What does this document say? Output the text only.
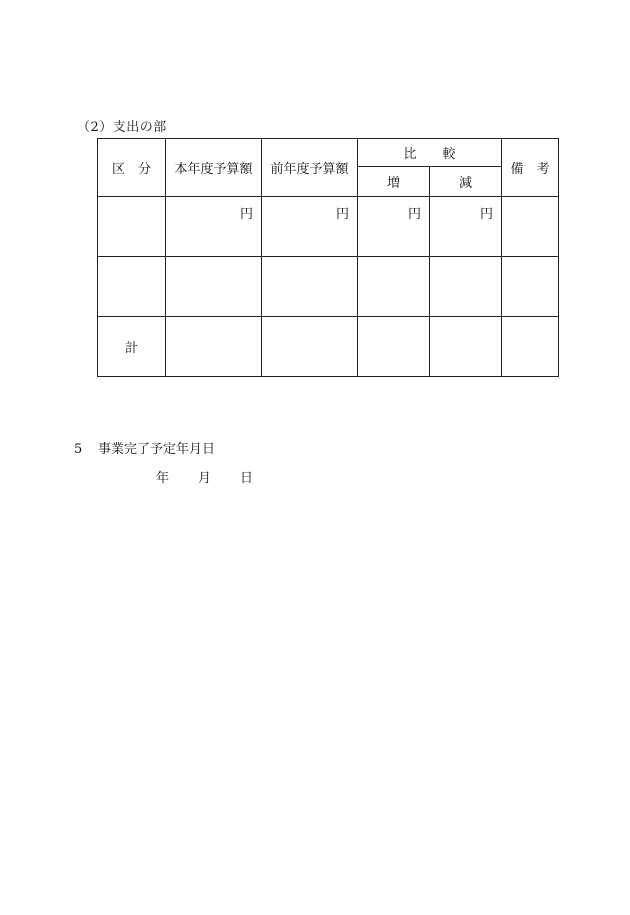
（2）支出の部
区　分	本年度予算額	前年度予算額	比　　較		備　考
			増	減	
	円	円	円	円	

計					
5 事業完了予定年月日
年 月 日
